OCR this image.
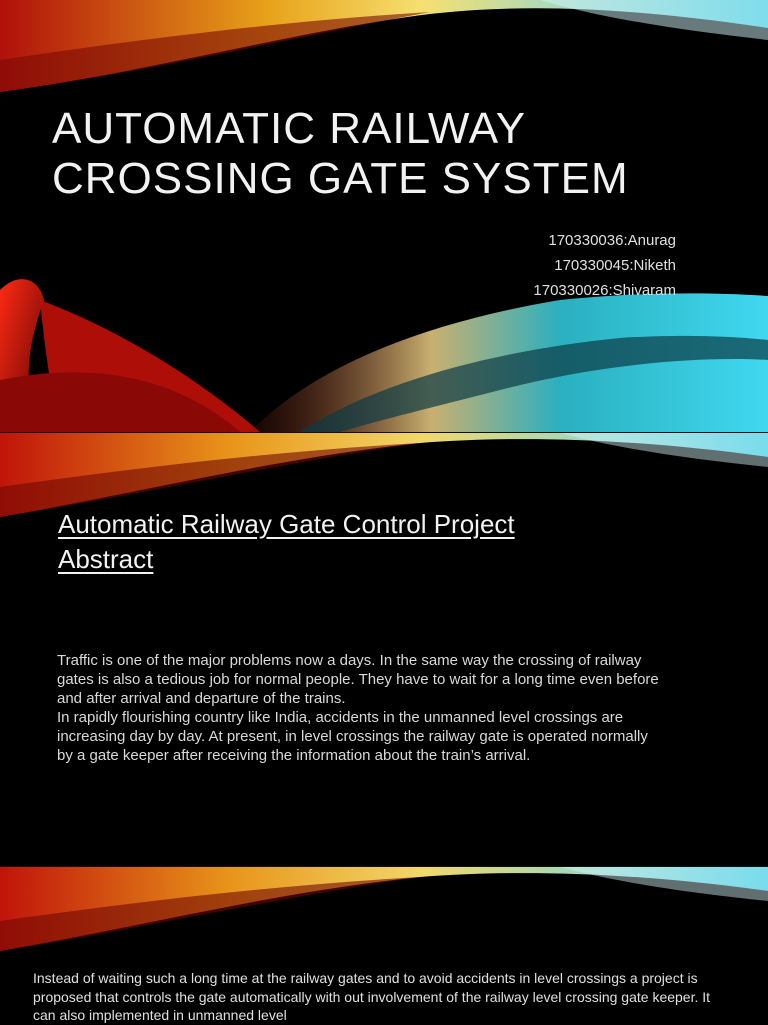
AUTOMATIC RAILWAY
CROSSING GATE SYSTEM
170330036:Anurag
170330045:Niketh
170330026:Shivaram
Automatic Railway Gate Control Project
Abstract

Traffic is one of the major problems now a days. In the same way the crossing of railway gates is also a tedious job for normal people. They have to wait for a long time even before and after arrival and departure of the trains.

In rapidly flourishing country like India, accidents in the unmanned level crossings are increasing day by day. At present, in level crossings the railway gate is operated normally by a gate keeper after receiving the information about the train’s arrival.

Instead of waiting such a long time at the railway gates and to avoid accidents in level crossings a project is proposed that controls the gate automatically with out involvement of the railway level crossing gate keeper. It can also implemented in unmanned level
